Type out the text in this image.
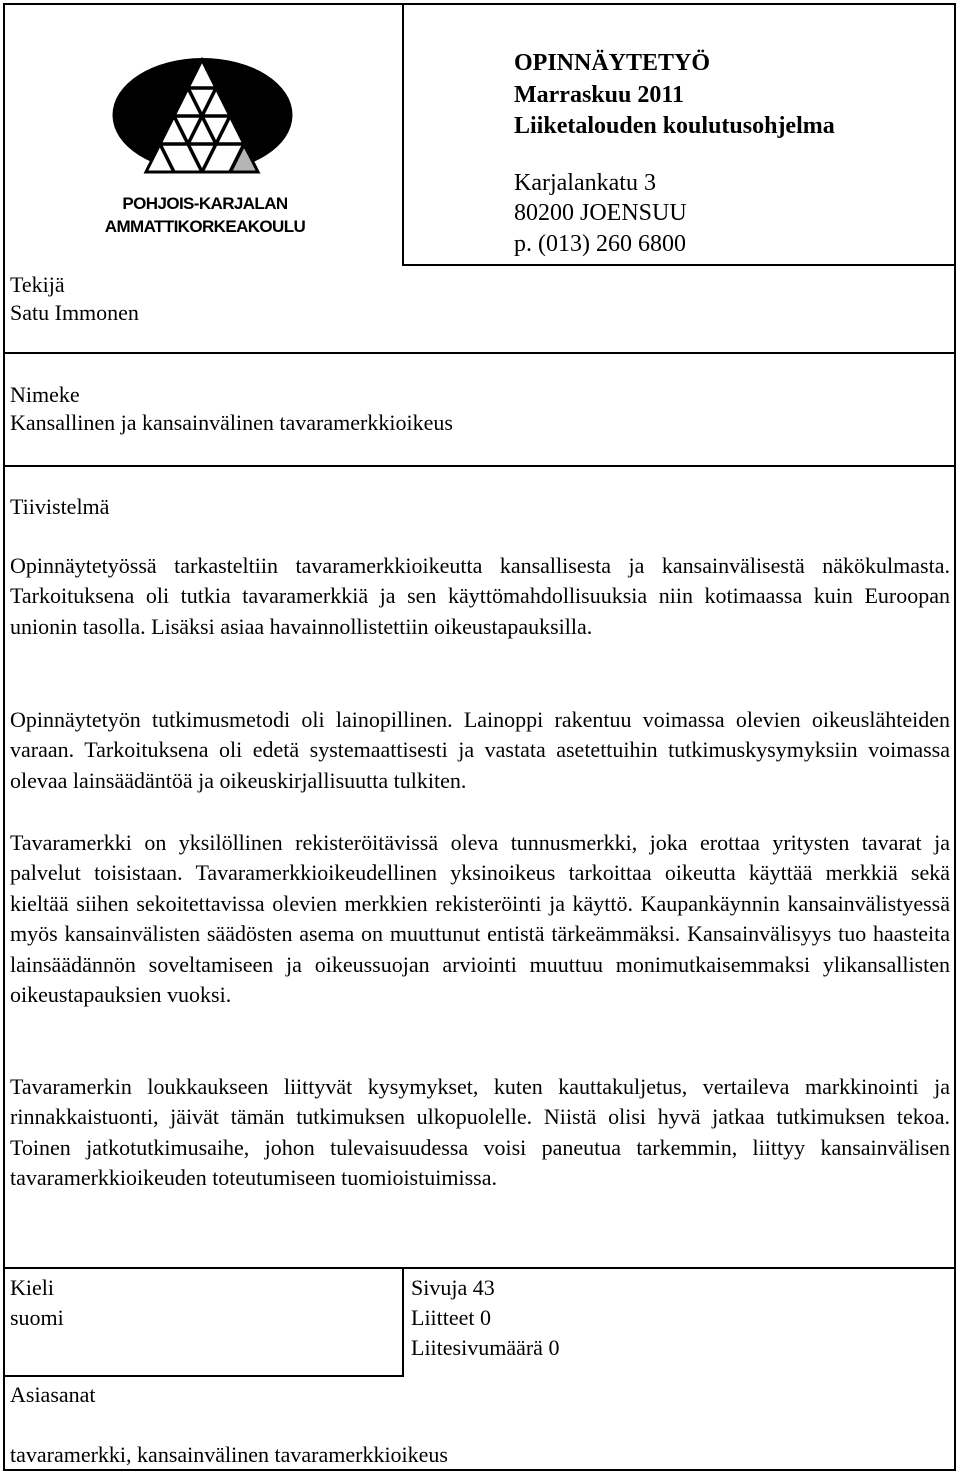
POHJOIS-KARJALAN
AMMATTIKORKEAKOULU
OPINNÄYTETYÖ
Marraskuu 2011
Liiketalouden koulutusohjelma
Karjalankatu 3
80200 JOENSUU
p. (013) 260 6800
Tekijä
Satu Immonen
Nimeke
Kansallinen ja kansainvälinen tavaramerkkioikeus
Tiivistelmä
Opinnäytetyössä tarkasteltiin tavaramerkkioikeutta kansallisesta ja kansainvälisestä näkökulmasta. Tarkoituksena oli tutkia tavaramerkkiä ja sen käyttömahdollisuuksia niin kotimaassa kuin Euroopan unionin tasolla. Lisäksi asiaa havainnollistettiin oikeustapauksilla.
Opinnäytetyön tutkimusmetodi oli lainopillinen. Lainoppi rakentuu voimassa olevien oikeuslähteiden varaan. Tarkoituksena oli edetä systemaattisesti ja vastata asetettuihin tutkimuskysymyksiin voimassa olevaa lainsäädäntöä ja oikeuskirjallisuutta tulkiten.
Tavaramerkki on yksilöllinen rekisteröitävissä oleva tunnusmerkki, joka erottaa yritysten tavarat ja palvelut toisistaan. Tavaramerkkioikeudellinen yksinoikeus tarkoittaa oikeutta käyttää merkkiä sekä kieltää siihen sekoitettavissa olevien merkkien rekisteröinti ja käyttö. Kaupankäynnin kansainvälistyessä myös kansainvälisten säädösten asema on muuttunut entistä tärkeämmäksi. Kansainvälisyys tuo haasteita lainsäädännön soveltamiseen ja oikeussuojan arviointi muuttuu monimutkaisemmaksi ylikansallisten oikeustapauksien vuoksi.
Tavaramerkin loukkaukseen liittyvät kysymykset, kuten kauttakuljetus, vertaileva markkinointi ja rinnakkaistuonti, jäivät tämän tutkimuksen ulkopuolelle. Niistä olisi hyvä jatkaa tutkimuksen tekoa. Toinen jatkotutkimusaihe, johon tulevaisuudessa voisi paneutua tarkemmin, liittyy kansainvälisen tavaramerkkioikeuden toteutumiseen tuomioistuimissa.
Kieli
suomi
Sivuja 43
Liitteet 0
Liitesivumäärä 0
Asiasanat
tavaramerkki, kansainvälinen tavaramerkkioikeus
